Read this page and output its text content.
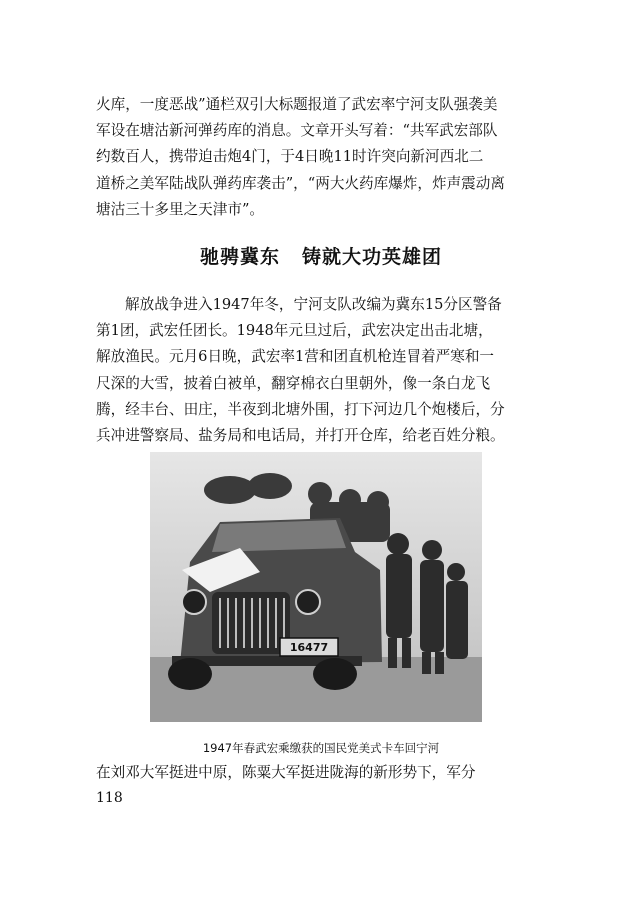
火库，一度恶战”通栏双引大标题报道了武宏率宁河支队强袭美
军设在塘沽新河弹药库的消息。文章开头写着：“共军武宏部队
约数百人，携带迫击炮4门，于4日晚11时许突向新河西北二
道桥之美军陆战队弹药库袭击”，“两大火药库爆炸，炸声震动离
塘沽三十多里之天津市”。
驰骋冀东 铸就大功英雄团
解放战争进入1947年冬，宁河支队改编为冀东15分区警备
第1团，武宏任团长。1948年元旦过后，武宏决定出击北塘，
解放渔民。元月6日晚，武宏率1营和团直机枪连冒着严寒和一
尺深的大雪，披着白被单，翻穿棉衣白里朝外，像一条白龙飞
腾，经丰台、田庄，半夜到北塘外围，打下河边几个炮楼后，分
兵冲进警察局、盐务局和电话局，并打开仓库，给老百姓分粮。
16477
1947年春武宏乘缴获的国民党美式卡车回宁河
在刘邓大军挺进中原，陈粟大军挺进陇海的新形势下，军分
118
